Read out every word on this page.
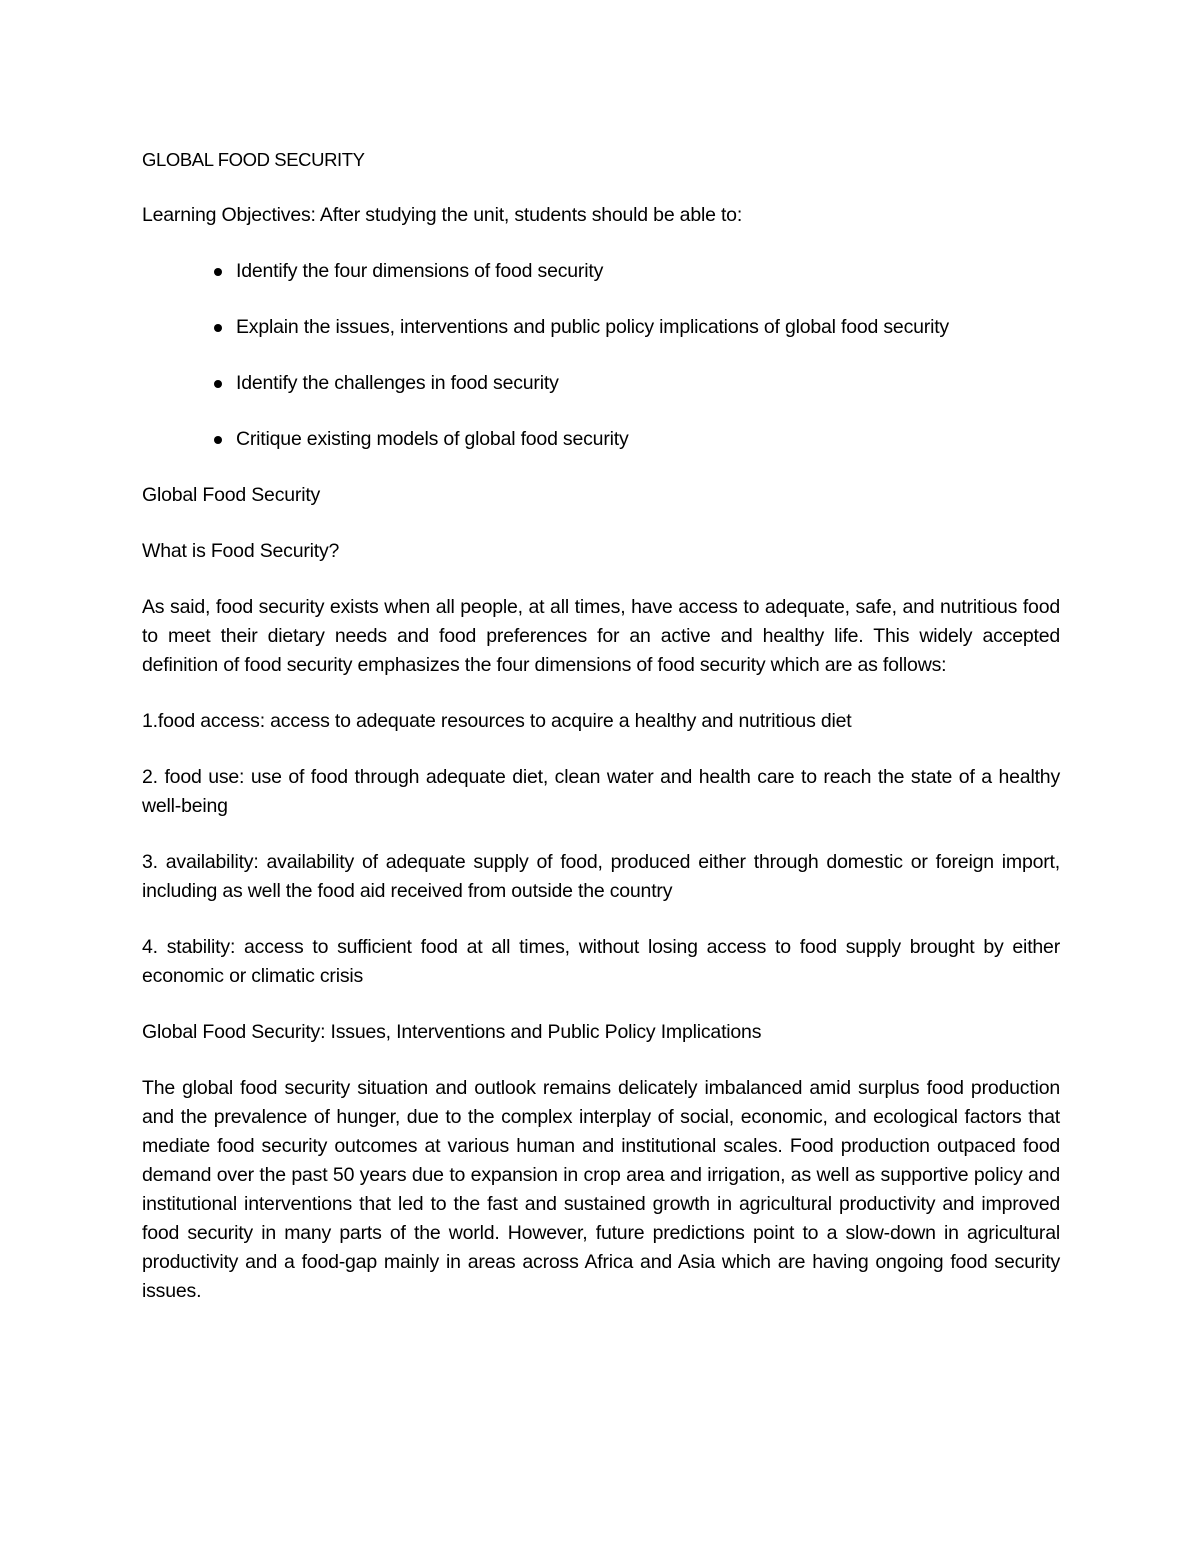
GLOBAL FOOD SECURITY

Learning Objectives: After studying the unit, students should be able to:

Identify the four dimensions of food security
Explain the issues, interventions and public policy implications of global food security
Identify the challenges in food security
Critique existing models of global food security

Global Food Security

What is Food Security?

As said, food security exists when all people, at all times, have access to adequate, safe, and nutritious food to meet their dietary needs and food preferences for an active and healthy life. This widely accepted definition of food security emphasizes the four dimensions of food security which are as follows:

1.food access: access to adequate resources to acquire a healthy and nutritious diet

2. food use: use of food through adequate diet, clean water and health care to reach the state of a healthy well-being

3. availability: availability of adequate supply of food, produced either through domestic or foreign import, including as well the food aid received from outside the country

4. stability: access to sufficient food at all times, without losing access to food supply brought by either economic or climatic crisis

Global Food Security: Issues, Interventions and Public Policy Implications

The global food security situation and outlook remains delicately imbalanced amid surplus food production and the prevalence of hunger, due to the complex interplay of social, economic, and ecological factors that mediate food security outcomes at various human and institutional scales. Food production outpaced food demand over the past 50 years due to expansion in crop area and irrigation, as well as supportive policy and institutional interventions that led to the fast and sustained growth in agricultural productivity and improved food security in many parts of the world. However, future predictions point to a slow-down in agricultural productivity and a food-gap mainly in areas across Africa and Asia which are having ongoing food security issues.
